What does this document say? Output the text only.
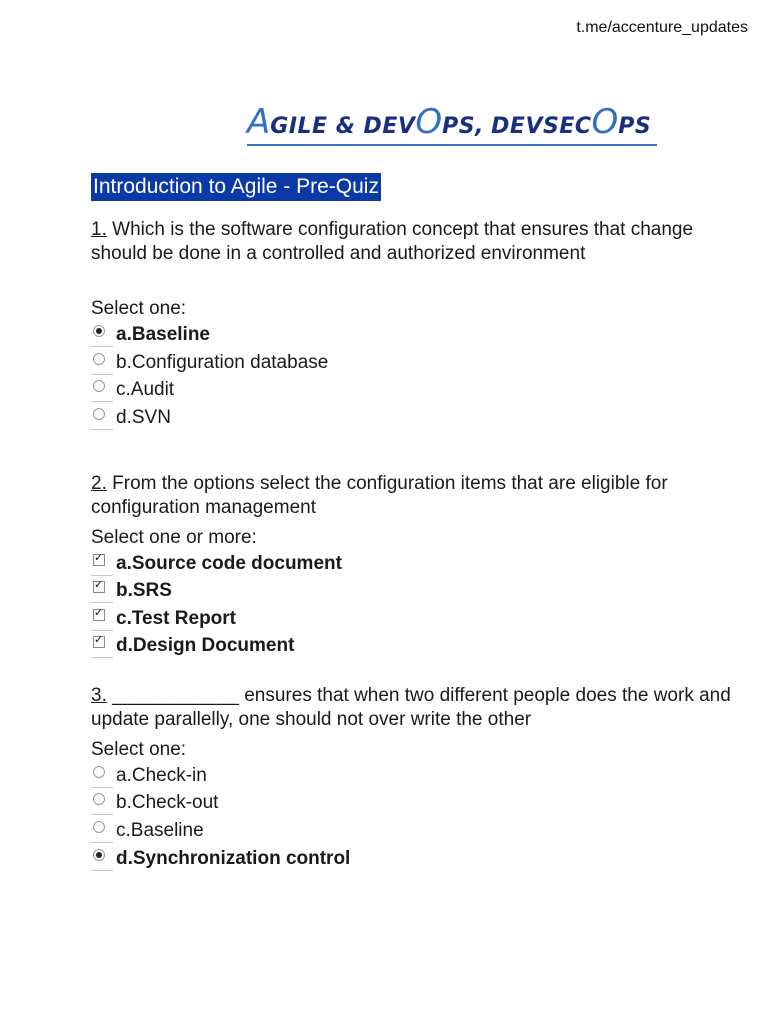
t.me/accenture_updates
AGILE & DEVOPS, DEVSECOPS
Introduction to Agile - Pre-Quiz
1. Which is the software configuration concept that ensures that change should be done in a controlled and authorized environment
Select one:
a.Baseline
b.Configuration database
c.Audit
d.SVN
2. From the options select the configuration items that are eligible for configuration management
Select one or more:
✓
a.Source code document
✓
b.SRS
✓
c.Test Report
✓
d.Design Document
3. ____________ ensures that when two different people does the work and update parallelly, one should not over write the other
Select one:
a.Check-in
b.Check-out
c.Baseline
d.Synchronization control
